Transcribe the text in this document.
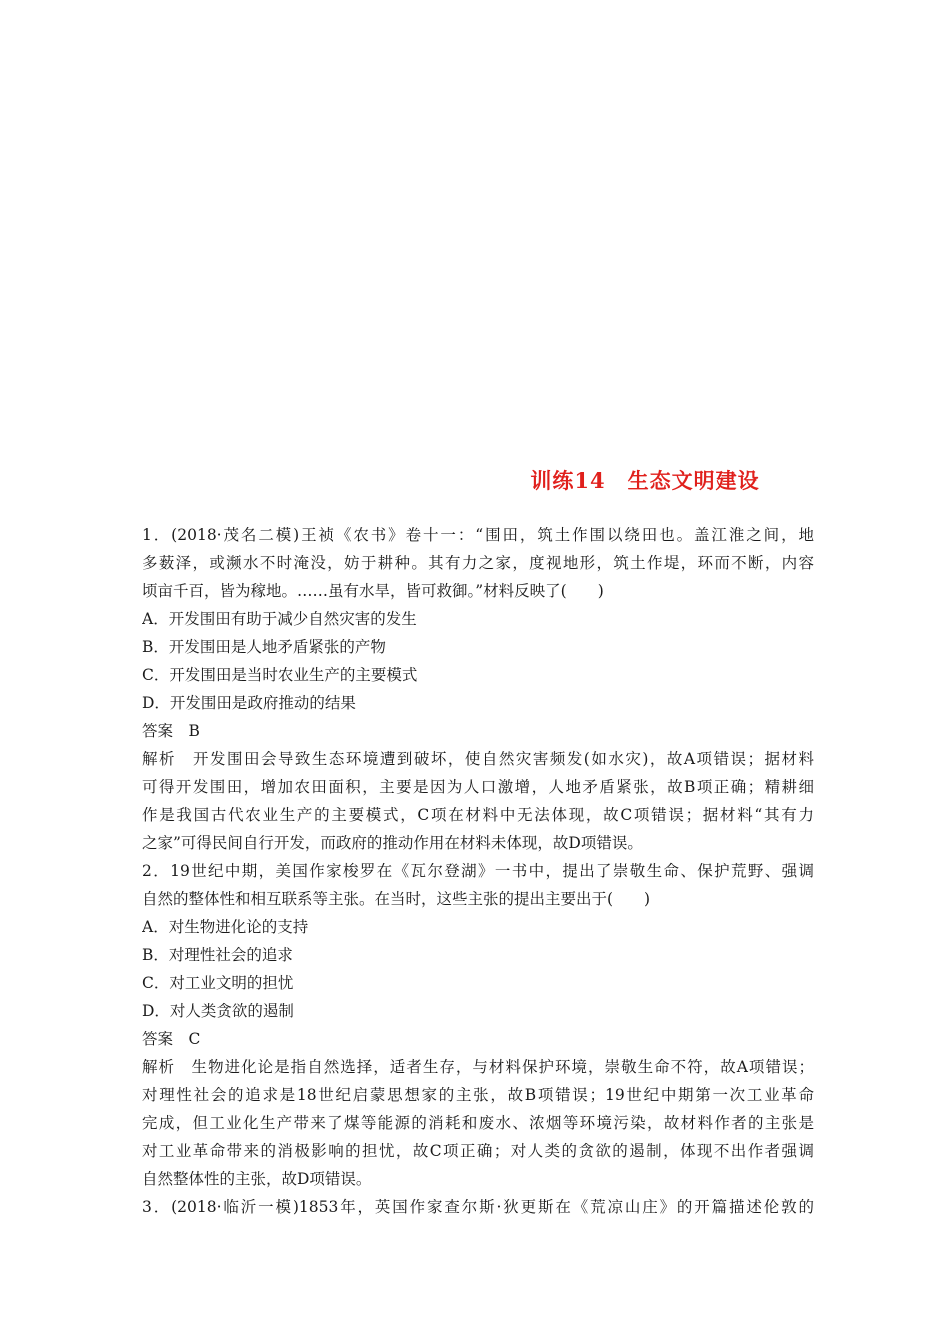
训练14　生态文明建设
1．(2018·茂名二模)王祯《农书》卷十一：“围田，筑土作围以绕田也。盖江淮之间，地
多薮泽，或濒水不时淹没，妨于耕种。其有力之家，度视地形，筑土作堤，环而不断，内容
顷亩千百，皆为稼地。……虽有水旱，皆可救御。”材料反映了(　　)
A．开发围田有助于减少自然灾害的发生
B．开发围田是人地矛盾紧张的产物
C．开发围田是当时农业生产的主要模式
D．开发围田是政府推动的结果
答案　B
解析　开发围田会导致生态环境遭到破坏，使自然灾害频发(如水灾)，故A项错误；据材料
可得开发围田，增加农田面积，主要是因为人口激增，人地矛盾紧张，故B项正确；精耕细
作是我国古代农业生产的主要模式，C项在材料中无法体现，故C项错误；据材料“其有力
之家”可得民间自行开发，而政府的推动作用在材料未体现，故D项错误。
2．19世纪中期，美国作家梭罗在《瓦尔登湖》一书中，提出了崇敬生命、保护荒野、强调
自然的整体性和相互联系等主张。在当时，这些主张的提出主要出于(　　)
A．对生物进化论的支持
B．对理性社会的追求
C．对工业文明的担忧
D．对人类贪欲的遏制
答案　C
解析　生物进化论是指自然选择，适者生存，与材料保护环境，崇敬生命不符，故A项错误；
对理性社会的追求是18世纪启蒙思想家的主张，故B项错误；19世纪中期第一次工业革命
完成，但工业化生产带来了煤等能源的消耗和废水、浓烟等环境污染，故材料作者的主张是
对工业革命带来的消极影响的担忧，故C项正确；对人类的贪欲的遏制，体现不出作者强调
自然整体性的主张，故D项错误。
3．(2018·临沂一模)1853年，英国作家查尔斯·狄更斯在《荒凉山庄》的开篇描述伦敦的
